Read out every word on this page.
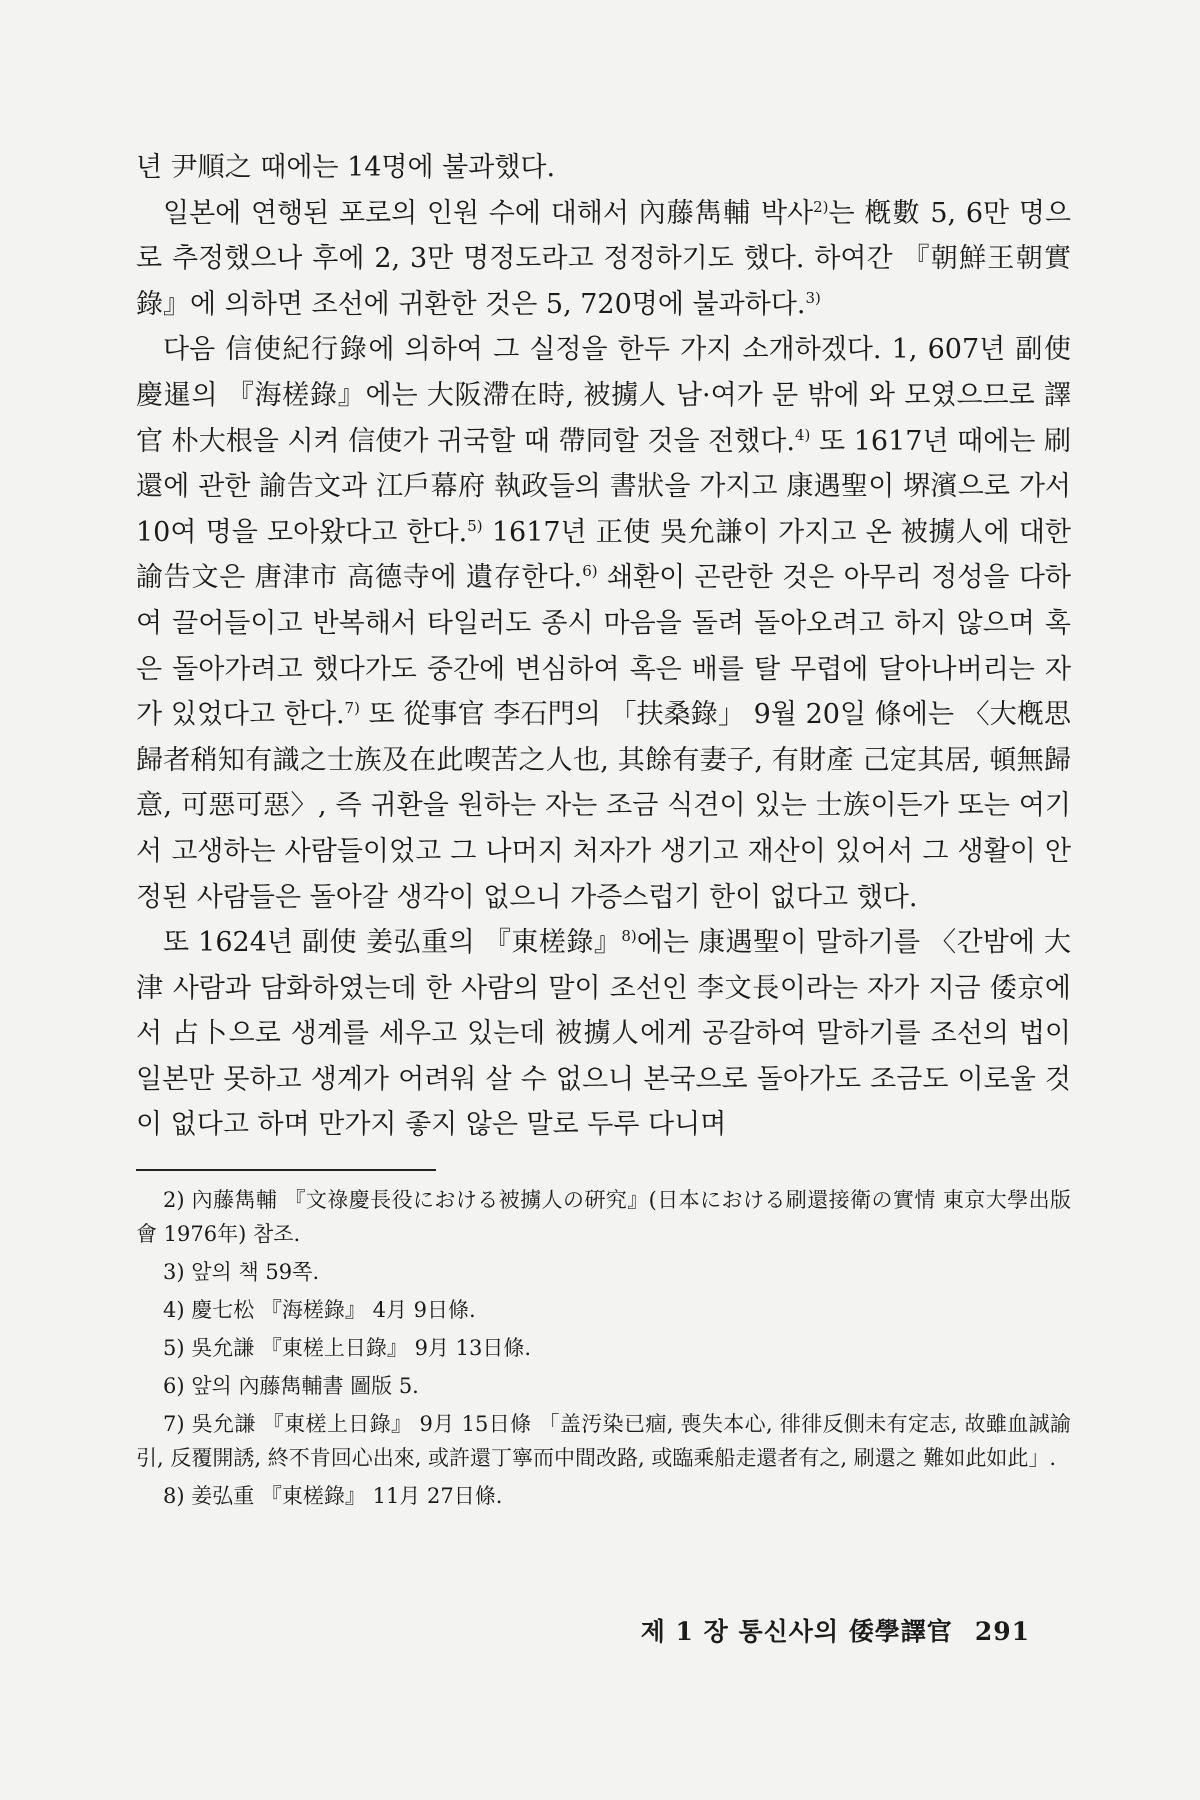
년 尹順之 때에는 14명에 불과했다.

일본에 연행된 포로의 인원 수에 대해서 內藤雋輔 박사$^{2)}$는 槪數 5, 6만 명으로 추정했으나 후에 2, 3만 명정도라고 정정하기도 했다. 하여간 『朝鮮王朝實錄』에 의하면 조선에 귀환한 것은 5, 720명에 불과하다.$^{3)}$

다음 信使紀行錄에 의하여 그 실정을 한두 가지 소개하겠다. 1, 607년 副使 慶暹의 『海槎錄』에는 大阪滯在時, 被擄人 남·여가 문 밖에 와 모였으므로 譯官 朴大根을 시켜 信使가 귀국할 때 帶同할 것을 전했다.$^{4)}$ 또 1617년 때에는 刷還에 관한 諭告文과 江戶幕府 執政들의 書狀을 가지고 康遇聖이 堺濱으로 가서 10여 명을 모아왔다고 한다.$^{5)}$ 1617년 正使 吳允謙이 가지고 온 被擄人에 대한 諭告文은 唐津市 高德寺에 遺存한다.$^{6)}$ 쇄환이 곤란한 것은 아무리 정성을 다하여 끌어들이고 반복해서 타일러도 종시 마음을 돌려 돌아오려고 하지 않으며 혹은 돌아가려고 했다가도 중간에 변심하여 혹은 배를 탈 무렵에 달아나버리는 자가 있었다고 한다.$^{7)}$ 또 從事官 李石門의 「扶桑錄」 9월 20일 條에는 〈大槪思歸者稍知有識之士族及在此喫苦之人也, 其餘有妻子, 有財產 己定其居, 頓無歸意, 可惡可惡〉, 즉 귀환을 원하는 자는 조금 식견이 있는 士族이든가 또는 여기서 고생하는 사람들이었고 그 나머지 처자가 생기고 재산이 있어서 그 생활이 안정된 사람들은 돌아갈 생각이 없으니 가증스럽기 한이 없다고 했다.

또 1624년 副使 姜弘重의 『東槎錄』$^{8)}$에는 康遇聖이 말하기를 〈간밤에 大津 사람과 담화하였는데 한 사람의 말이 조선인 李文長이라는 자가 지금 倭京에서 占卜으로 생계를 세우고 있는데 被擄人에게 공갈하여 말하기를 조선의 법이 일본만 못하고 생계가 어려워 살 수 없으니 본국으로 돌아가도 조금도 이로울 것이 없다고 하며 만가지 좋지 않은 말로 두루 다니며

2) 內藤雋輔 『文祿慶長役における被擄人の硏究』(日本における刷還接衛の實情 東京大學出版會 1976年) 참조.

3) 앞의 책 59쪽.

4) 慶七松 『海槎錄』 4月 9日條.

5) 吳允謙 『東槎上日錄』 9月 13日條.

6) 앞의 內藤雋輔書 圖版 5.

7) 吳允謙 『東槎上日錄』 9月 15日條 「盖汚染已痼, 喪失本心, 徘徘反側未有定志, 故雖血誠諭引, 反覆開誘, 終不肯回心出來, 或許還丁寧而中間改路, 或臨乘船走還者有之, 刷還之 難如此如此」.

8) 姜弘重 『東槎錄』 11月 27日條.

제 1 장 통신사의 倭學譯官 291
